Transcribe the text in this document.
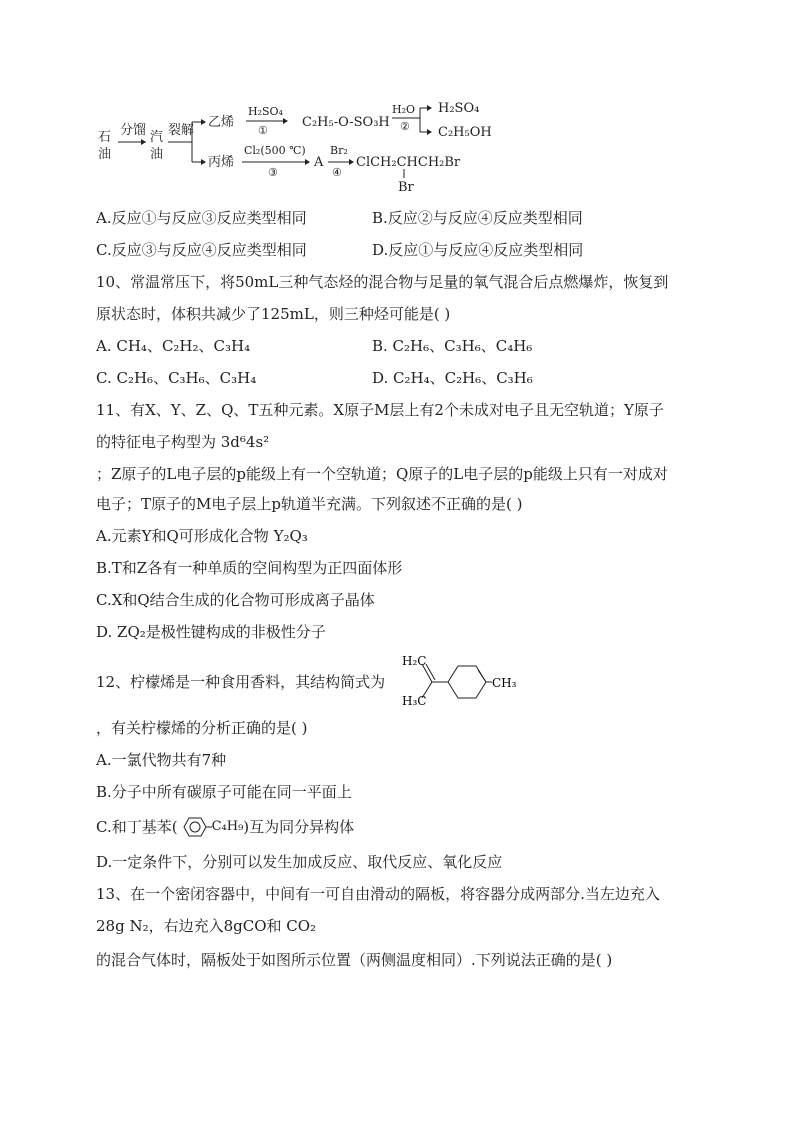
石
油
分馏 汽
油
裂解
乙烯
丙烯
H₂SO₄
①
C₂H₅-O-SO₃H
H₂O
②
H₂SO₄
C₂H₅OH
Cl₂(500 ℃)
③
A
Br₂
④
ClCH₂CHCH₂Br
Br
A.反应①与反应③反应类型相同	B.反应②与反应④反应类型相同
C.反应③与反应④反应类型相同	D.反应①与反应④反应类型相同
10、常温常压下，将50mL三种气态烃的混合物与足量的氧气混合后点燃爆炸，恢复到
原状态时，体积共减少了125mL，则三种烃可能是( )
A. CH₄、C₂H₂、C₃H₄	B. C₂H₆、C₃H₆、C₄H₆
C. C₂H₆、C₃H₆、C₃H₄	D. C₂H₄、C₂H₆、C₃H₆
11、有X、Y、Z、Q、T五种元素。X原子M层上有2个未成对电子且无空轨道；Y原子
的特征电子构型为 3d⁶4s²
；Z原子的L电子层的p能级上有一个空轨道；Q原子的L电子层的p能级上只有一对成对
电子；T原子的M电子层上p轨道半充满。下列叙述不正确的是( )
A.元素Y和Q可形成化合物 Y₂Q₃
B.T和Z各有一种单质的空间构型为正四面体形
C.X和Q结合生成的化合物可形成离子晶体
D. ZQ₂是极性键构成的非极性分子
12、柠檬烯是一种食用香料，其结构简式为
H₂C
H₃C
CH₃
，有关柠檬烯的分析正确的是( )
A.一氯代物共有7种
B.分子中所有碳原子可能在同一平面上
C.和丁基苯(	C₄H₉ )互为同分异构体
D.一定条件下，分别可以发生加成反应、取代反应、氧化反应
13、在一个密闭容器中，中间有一可自由滑动的隔板，将容器分成两部分.当左边充入
28g N₂，右边充入8gCO和 CO₂
的混合气体时，隔板处于如图所示位置（两侧温度相同）.下列说法正确的是( )
